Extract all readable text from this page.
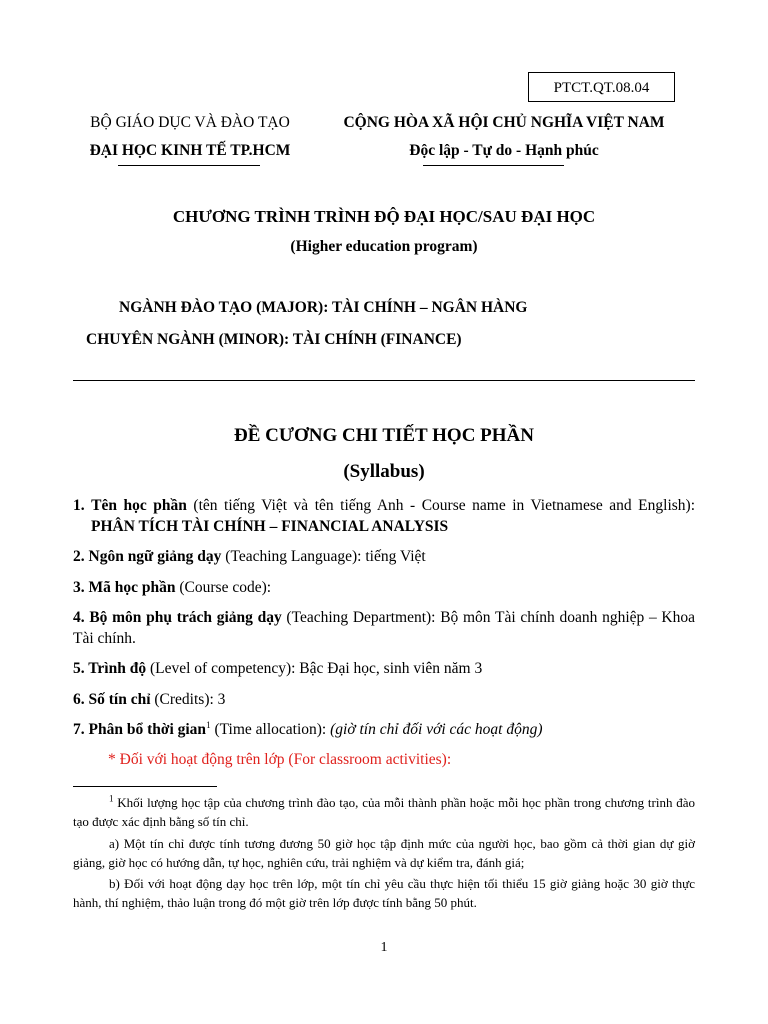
PTCT.QT.08.04
BỘ GIÁO DỤC VÀ ĐÀO TẠO
ĐẠI HỌC KINH TẾ TP.HCM
CỘNG HÒA XÃ HỘI CHỦ NGHĨA VIỆT NAM
Độc lập - Tự do - Hạnh phúc
CHƯƠNG TRÌNH TRÌNH ĐỘ ĐẠI HỌC/SAU ĐẠI HỌC
(Higher education program)
NGÀNH ĐÀO TẠO (MAJOR): TÀI CHÍNH – NGÂN HÀNG
CHUYÊN NGÀNH (MINOR): TÀI CHÍNH (FINANCE)
ĐỀ CƯƠNG CHI TIẾT HỌC PHẦN
(Syllabus)
1. Tên học phần (tên tiếng Việt và tên tiếng Anh - Course name in Vietnamese and English): PHÂN TÍCH TÀI CHÍNH – FINANCIAL ANALYSIS
2. Ngôn ngữ giảng dạy (Teaching Language): tiếng Việt
3. Mã học phần (Course code):
4. Bộ môn phụ trách giảng dạy (Teaching Department): Bộ môn Tài chính doanh nghiệp – Khoa Tài chính.
5. Trình độ (Level of competency): Bậc Đại học, sinh viên năm 3
6. Số tín chỉ (Credits): 3
7. Phân bổ thời gian$^1$ (Time allocation): (giờ tín chỉ đối với các hoạt động)
* Đối với hoạt động trên lớp (For classroom activities):
$^1$ Khối lượng học tập của chương trình đào tạo, của mỗi thành phần hoặc mỗi học phần trong chương trình đào tạo được xác định bằng số tín chỉ.
a) Một tín chỉ được tính tương đương 50 giờ học tập định mức của người học, bao gồm cả thời gian dự giờ giảng, giờ học có hướng dẫn, tự học, nghiên cứu, trải nghiệm và dự kiểm tra, đánh giá;
b) Đối với hoạt động dạy học trên lớp, một tín chỉ yêu cầu thực hiện tối thiểu 15 giờ giảng hoặc 30 giờ thực hành, thí nghiệm, thảo luận trong đó một giờ trên lớp được tính bằng 50 phút.
1
